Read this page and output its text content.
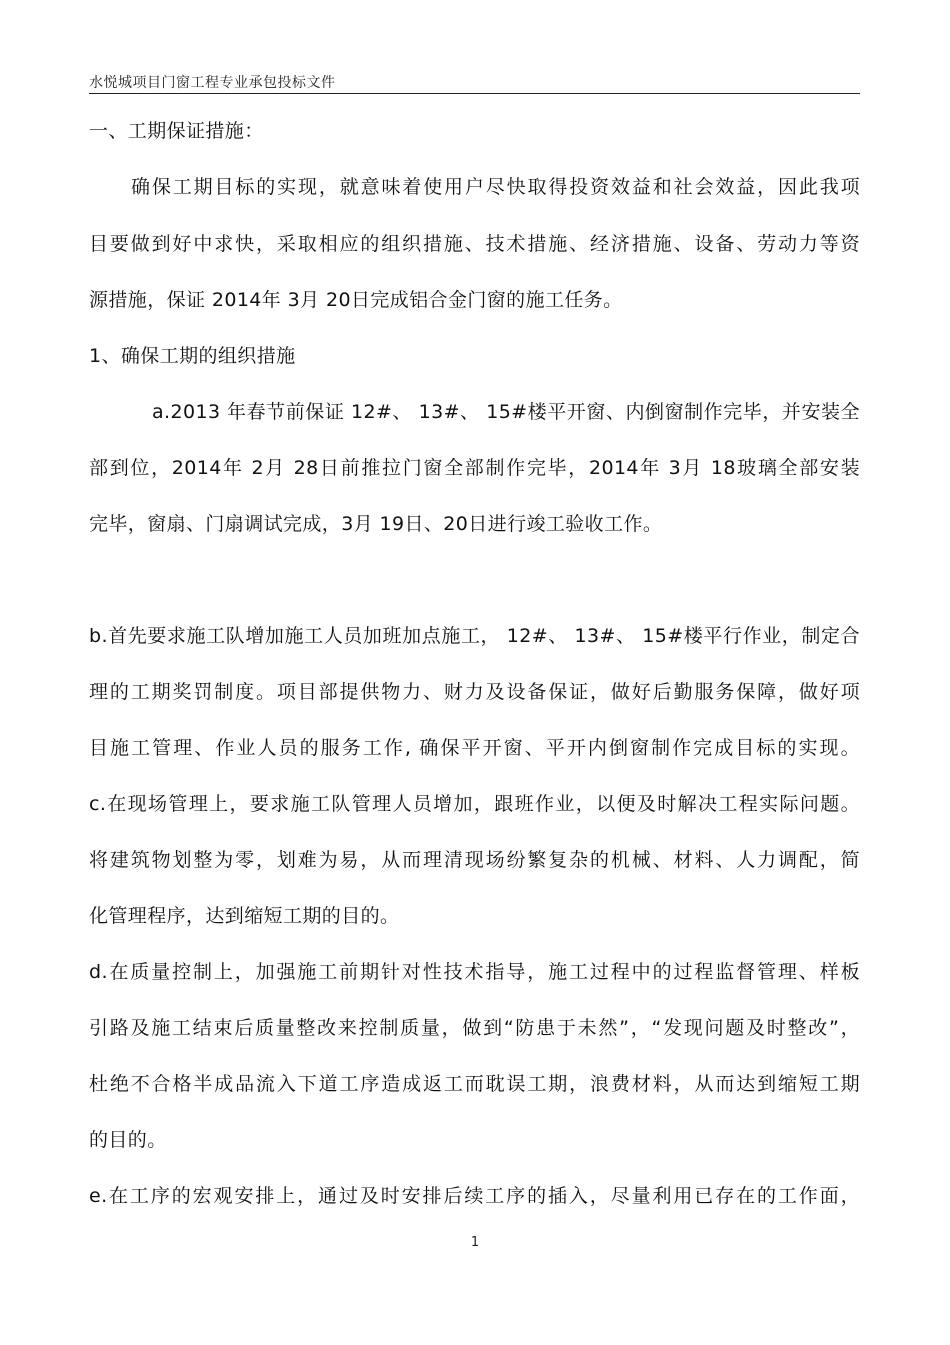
水悦城项目门窗工程专业承包投标文件
一、工期保证措施：
确保工期目标的实现，就意味着使用户尽快取得投资效益和社会效益，因此我项
目要做到好中求快，采取相应的组织措施、技术措施、经济措施、设备、劳动力等资
源措施，保证 2014年 3月 20日完成铝合金门窗的施工任务。
1、确保工期的组织措施
a.2013 年春节前保证 12#、 13#、 15#楼平开窗、内倒窗制作完毕，并安装全
部到位，2014年 2月 28日前推拉门窗全部制作完毕，2014年 3月 18玻璃全部安装
完毕，窗扇、门扇调试完成，3月 19日、20日进行竣工验收工作。
b.首先要求施工队增加施工人员加班加点施工， 12#、 13#、 15#楼平行作业，制定合
理的工期奖罚制度。项目部提供物力、财力及设备保证，做好后勤服务保障，做好项
目施工管理、作业人员的服务工作, 确保平开窗、平开内倒窗制作完成目标的实现。
c.在现场管理上，要求施工队管理人员增加，跟班作业，以便及时解决工程实际问题。
将建筑物划整为零，划难为易，从而理清现场纷繁复杂的机械、材料、人力调配，简
化管理程序，达到缩短工期的目的。
d.在质量控制上，加强施工前期针对性技术指导，施工过程中的过程监督管理、样板
引路及施工结束后质量整改来控制质量，做到“防患于未然”，“发现问题及时整改”，
杜绝不合格半成品流入下道工序造成返工而耽误工期，浪费材料，从而达到缩短工期
的目的。
e.在工序的宏观安排上，通过及时安排后续工序的插入，尽量利用已存在的工作面，
1
